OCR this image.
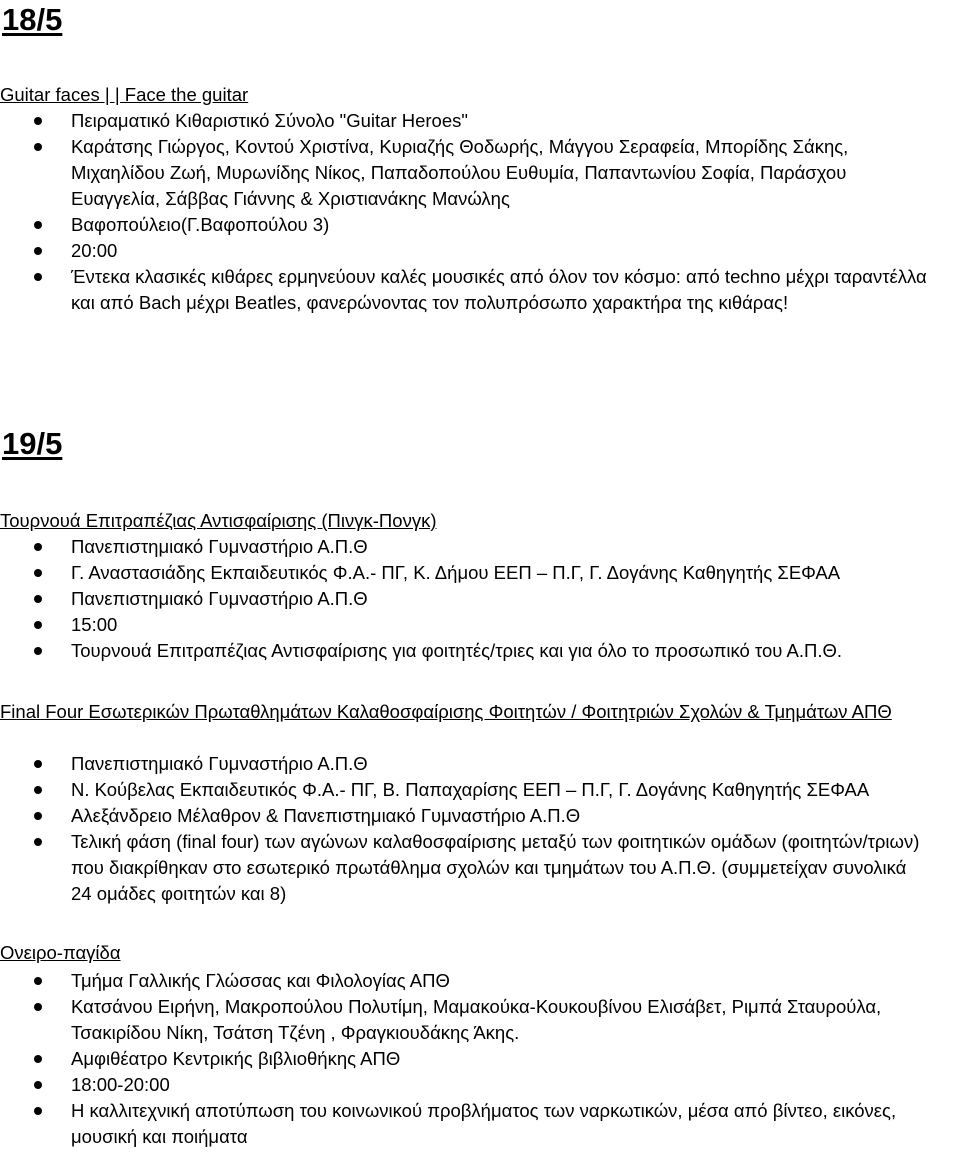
18/5

Guitar faces | | Face the guitar

Πειραματικό Κιθαριστικό Σύνολο "Guitar Heroes"
Καράτσης Γιώργος, Κοντού Χριστίνα, Κυριαζής Θοδωρής, Μάγγου Σεραφεία, Μπορίδης Σάκης, Μιχαηλίδου Ζωή, Μυρωνίδης Νίκος, Παπαδοπούλου Ευθυμία, Παπαντωνίου Σοφία, Παράσχου Ευαγγελία, Σάββας Γιάννης & Χριστιανάκης Μανώλης
Βαφοπούλειο(Γ.Βαφοπούλου 3)
20:00
Έντεκα κλασικές κιθάρες ερμηνεύουν καλές μουσικές από όλον τον κόσμο: από techno μέχρι ταραντέλλα και από Bach μέχρι Beatles, φανερώνοντας τον πολυπρόσωπο χαρακτήρα της κιθάρας!
19/5

Τουρνουά Επιτραπέζιας Αντισφαίρισης (Πινγκ-Πονγκ)

Πανεπιστημιακό Γυμναστήριο Α.Π.Θ
Γ. Αναστασιάδης Εκπαιδευτικός Φ.Α.- ΠΓ, Κ. Δήμου ΕΕΠ – Π.Γ, Γ. Δογάνης Καθηγητής ΣΕΦΑΑ
Πανεπιστημιακό Γυμναστήριο Α.Π.Θ
15:00
Τουρνουά Επιτραπέζιας Αντισφαίρισης για φοιτητές/τριες και για όλο το προσωπικό του Α.Π.Θ.

Final Four Εσωτερικών Πρωταθλημάτων Καλαθοσφαίρισης Φοιτητών / Φοιτητριών Σχολών & Τμημάτων ΑΠΘ

Πανεπιστημιακό Γυμναστήριο Α.Π.Θ
Ν. Κούβελας Εκπαιδευτικός Φ.Α.- ΠΓ, Β. Παπαχαρίσης ΕΕΠ – Π.Γ, Γ. Δογάνης Καθηγητής ΣΕΦΑΑ
Αλεξάνδρειο Μέλαθρον & Πανεπιστημιακό Γυμναστήριο Α.Π.Θ
Τελική φάση (final four) των αγώνων καλαθοσφαίρισης μεταξύ των φοιτητικών ομάδων (φοιτητών/τριων) που διακρίθηκαν στο εσωτερικό πρωτάθλημα σχολών και τμημάτων του Α.Π.Θ. (συμμετείχαν συνολικά 24 ομάδες φοιτητών και 8)

Ονειρο-παγίδα

Τμήμα Γαλλικής Γλώσσας και Φιλολογίας ΑΠΘ
Κατσάνου Ειρήνη, Μακροπούλου Πολυτίμη, Μαμακούκα-Κουκουβίνου Ελισάβετ, Ριμπά Σταυρούλα, Τσακιρίδου Νίκη, Τσάτση Τζένη , Φραγκιουδάκης Άκης.
Αμφιθέατρο Κεντρικής βιβλιοθήκης ΑΠΘ
18:00-20:00
Η καλλιτεχνική αποτύπωση του κοινωνικού προβλήματος των ναρκωτικών, μέσα από βίντεο, εικόνες, μουσική και ποιήματα
